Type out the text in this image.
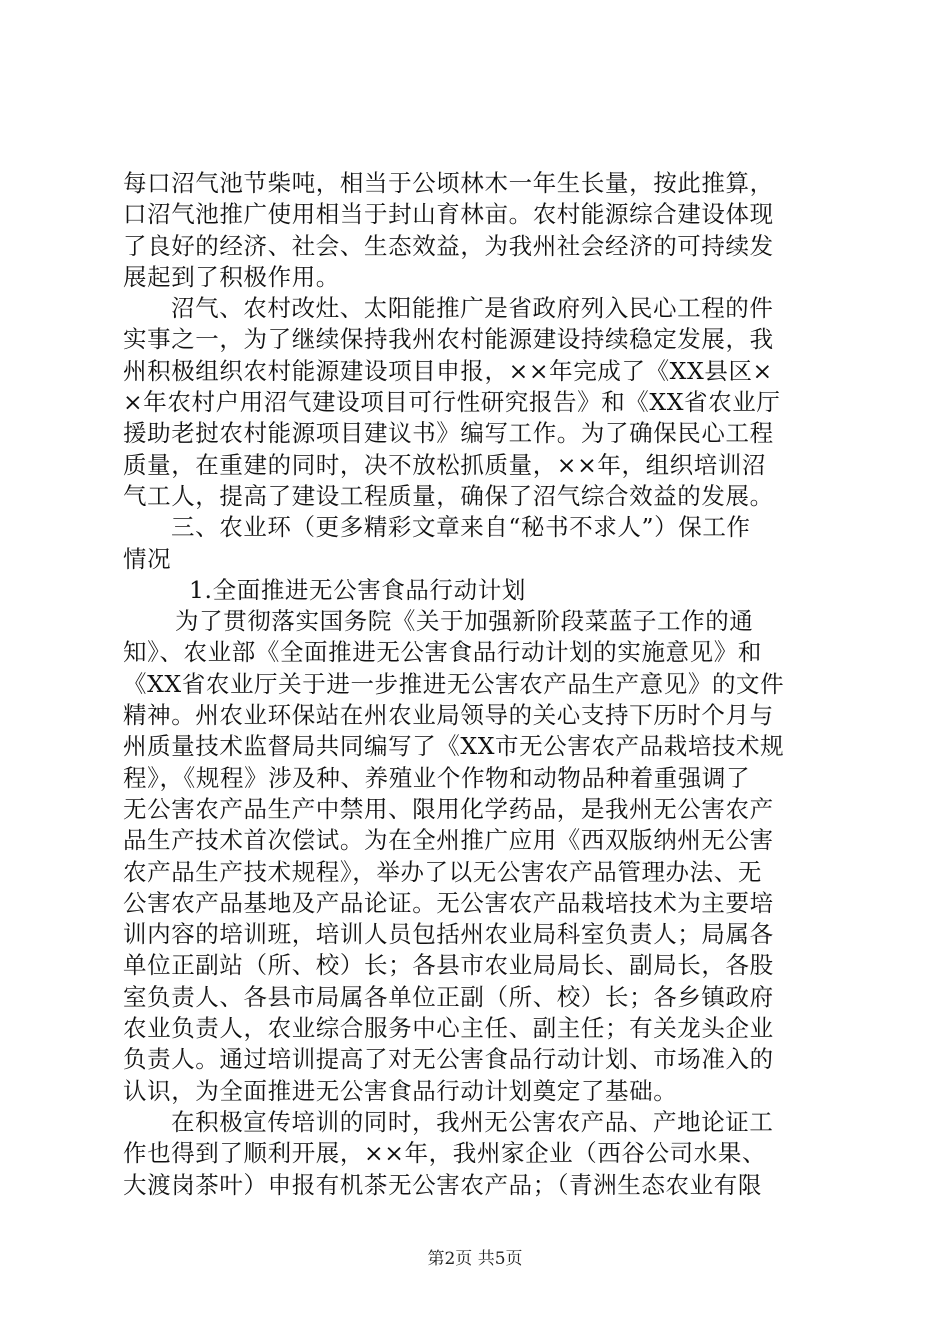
每口沼气池节柴吨，相当于公顷林木一年生长量，按此推算，
口沼气池推广使用相当于封山育林亩。农村能源综合建设体现
了良好的经济、社会、生态效益，为我州社会经济的可持续发
展起到了积极作用。
沼气、农村改灶、太阳能推广是省政府列入民心工程的件
实事之一，为了继续保持我州农村能源建设持续稳定发展，我
州积极组织农村能源建设项目申报，××年完成了《XX县区×
×年农村户用沼气建设项目可行性研究报告》和《XX省农业厅
援助老挝农村能源项目建议书》编写工作。为了确保民心工程
质量，在重建的同时，决不放松抓质量，××年，组织培训沼
气工人，提高了建设工程质量，确保了沼气综合效益的发展。
三、农业环（更多精彩文章来自“秘书不求人”）保工作
情况
1.全面推进无公害食品行动计划
为了贯彻落实国务院《关于加强新阶段菜蓝子工作的通
知》、农业部《全面推进无公害食品行动计划的实施意见》和
《XX省农业厅关于进一步推进无公害农产品生产意见》的文件
精神。州农业环保站在州农业局领导的关心支持下历时个月与
州质量技术监督局共同编写了《XX市无公害农产品栽培技术规
程》，《规程》涉及种、养殖业个作物和动物品种着重强调了
无公害农产品生产中禁用、限用化学药品，是我州无公害农产
品生产技术首次偿试。为在全州推广应用《西双版纳州无公害
农产品生产技术规程》，举办了以无公害农产品管理办法、无
公害农产品基地及产品论证。无公害农产品栽培技术为主要培
训内容的培训班，培训人员包括州农业局科室负责人；局属各
单位正副站（所、校）长；各县市农业局局长、副局长，各股
室负责人、各县市局属各单位正副（所、校）长；各乡镇政府
农业负责人，农业综合服务中心主任、副主任；有关龙头企业
负责人。通过培训提高了对无公害食品行动计划、市场准入的
认识，为全面推进无公害食品行动计划奠定了基础。
在积极宣传培训的同时，我州无公害农产品、产地论证工
作也得到了顺利开展，××年，我州家企业（西谷公司水果、
大渡岗茶叶）申报有机茶无公害农产品；（青洲生态农业有限
第2页 共5页
